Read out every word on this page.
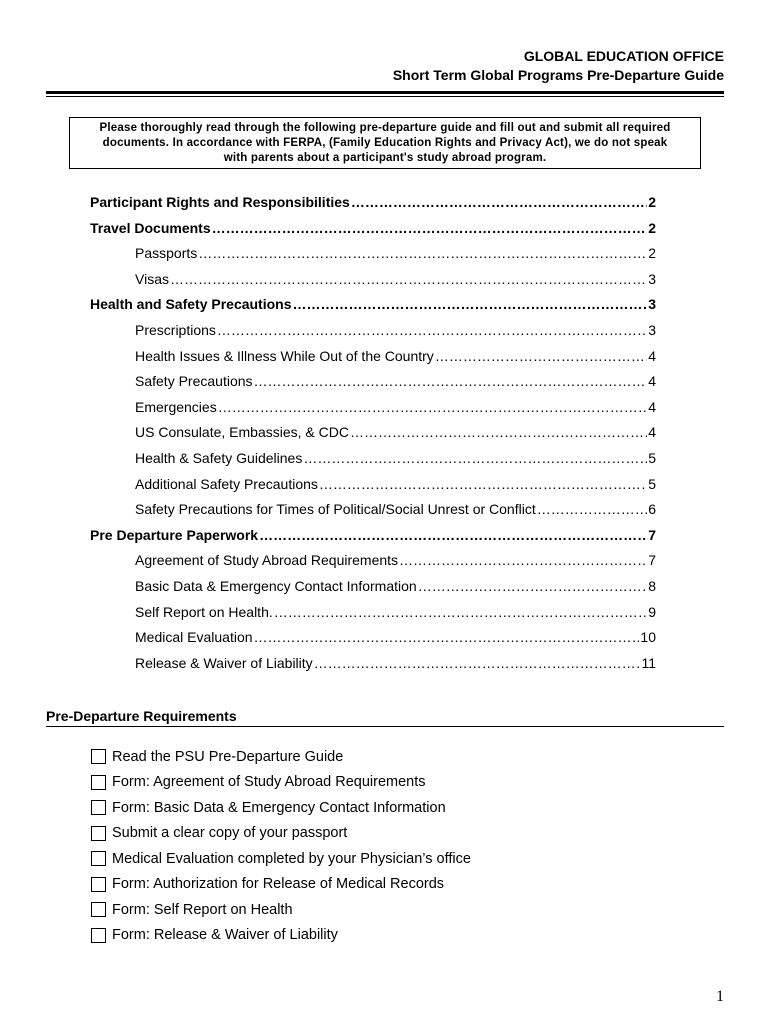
GLOBAL EDUCATION OFFICE
Short Term Global Programs Pre-Departure Guide
Please thoroughly read through the following pre-departure guide and fill out and submit all required
documents. In accordance with FERPA, (Family Education Rights and Privacy Act), we do not speak
with parents about a participant's study abroad program.
Participant Rights and Responsibilities …………………………………………………………………………………………………………………………………………………………………………	2
Travel Documents …………………………………………………………………………………………………………………………………………………………………………	2
Passports …………………………………………………………………………………………………………………………………………………………………………	2
Visas …………………………………………………………………………………………………………………………………………………………………………	3
Health and Safety Precautions …………………………………………………………………………………………………………………………………………………………………………	3
Prescriptions …………………………………………………………………………………………………………………………………………………………………………	3
Health Issues & Illness While Out of the Country …………………………………………………………………………………………………………………………………………………………………………	4
Safety Precautions …………………………………………………………………………………………………………………………………………………………………………	4
Emergencies …………………………………………………………………………………………………………………………………………………………………………	4
US Consulate, Embassies, & CDC …………………………………………………………………………………………………………………………………………………………………………	4
Health & Safety Guidelines …………………………………………………………………………………………………………………………………………………………………………	5
Additional Safety Precautions …………………………………………………………………………………………………………………………………………………………………………	5
Safety Precautions for Times of Political/Social Unrest or Conflict …………………………………………………………………………………………………………………………………………………………………………	6
Pre Departure Paperwork …………………………………………………………………………………………………………………………………………………………………………	7
Agreement of Study Abroad Requirements …………………………………………………………………………………………………………………………………………………………………………	7
Basic Data & Emergency Contact Information …………………………………………………………………………………………………………………………………………………………………………	8
Self Report on Health. …………………………………………………………………………………………………………………………………………………………………………	9
Medical Evaluation …………………………………………………………………………………………………………………………………………………………………………	10
Release & Waiver of Liability …………………………………………………………………………………………………………………………………………………………………………	11
Pre-Departure Requirements
Read the PSU Pre-Departure Guide
Form: Agreement of Study Abroad Requirements
Form: Basic Data & Emergency Contact Information
Submit a clear copy of your passport
Medical Evaluation completed by your Physician’s office
Form: Authorization for Release of Medical Records
Form: Self Report on Health
Form: Release & Waiver of Liability
1
